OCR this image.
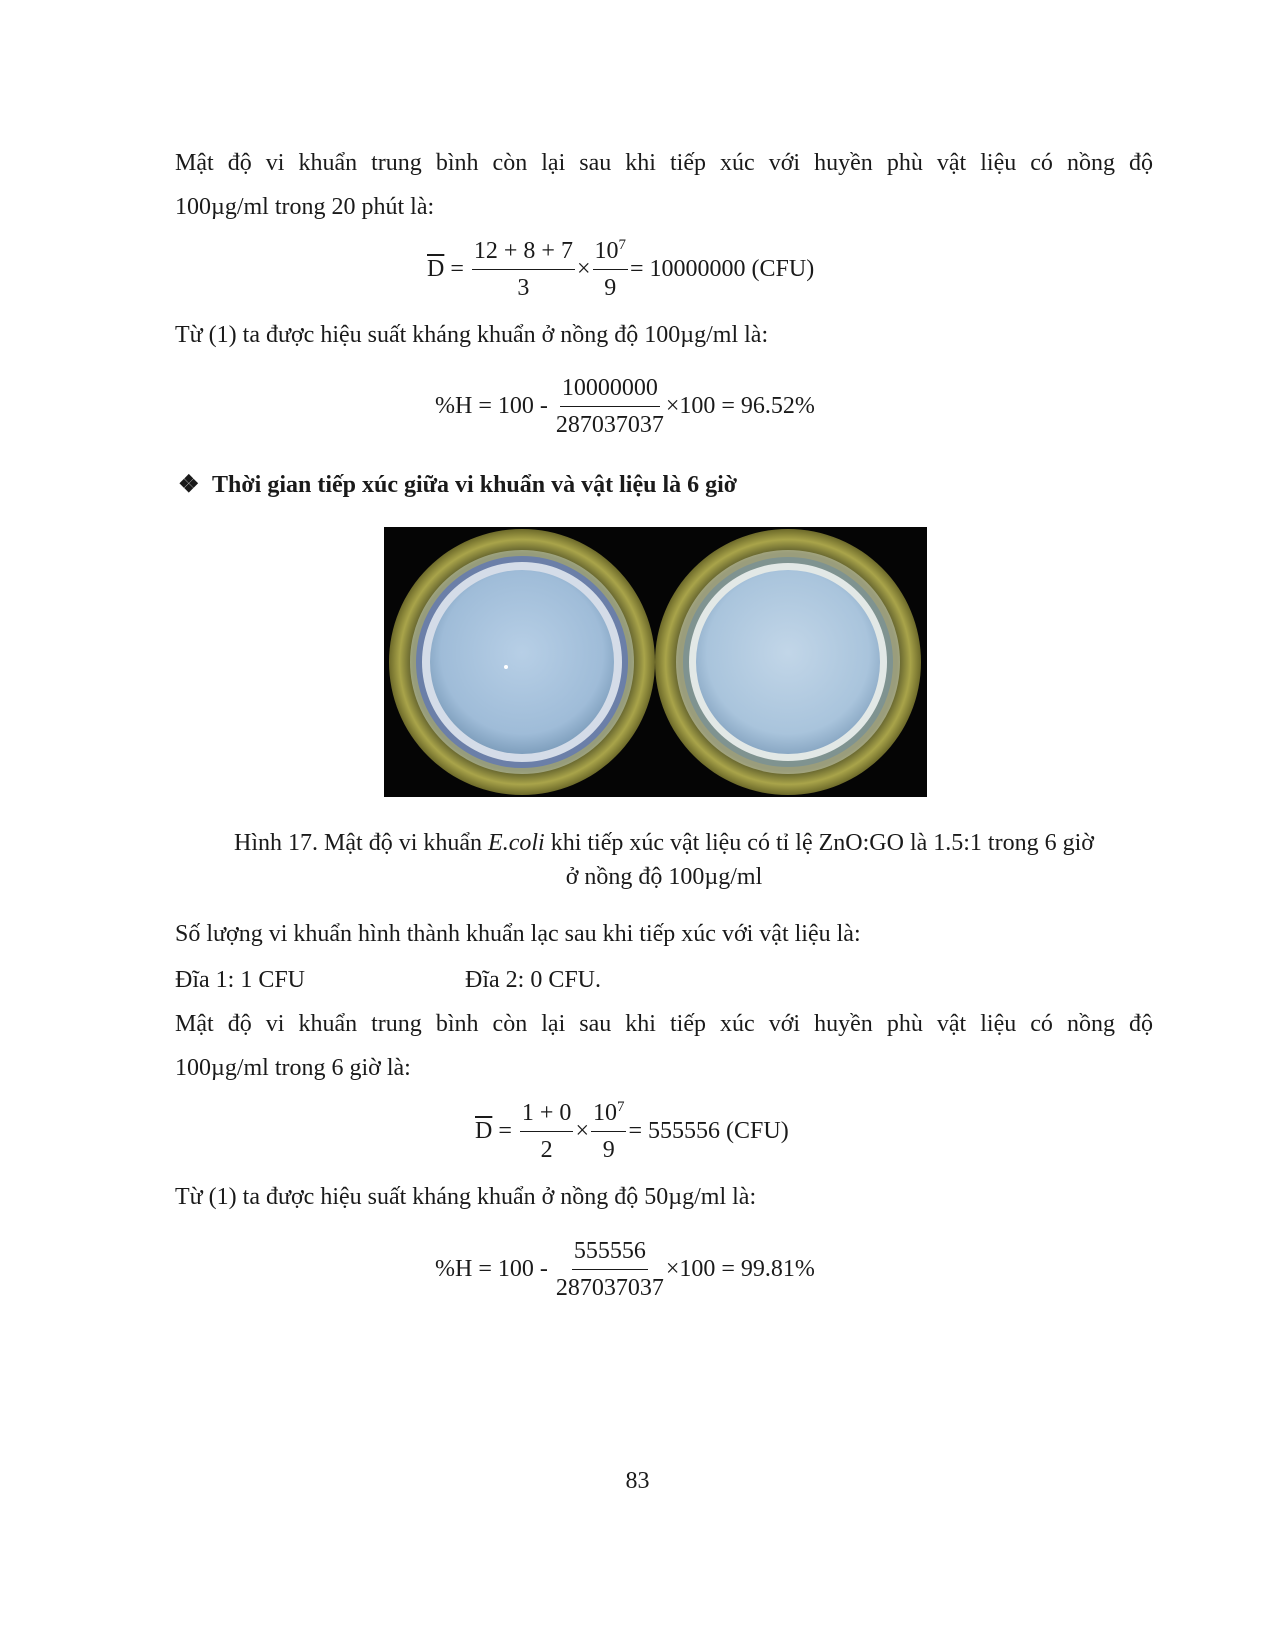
Mật độ vi khuẩn trung bình còn lại sau khi tiếp xúc với huyền phù vật liệu có nồng độ
100µg/ml trong 20 phút là:
$\overline{D} = \frac{12 + 8 + 7}{3} \times \frac{10^7}{9} = 10000000$ (CFU)
Từ (1) ta được hiệu suất kháng khuẩn ở nồng độ 100µg/ml là:
$\%H = 100 - \frac{10000000}{287037037} \times 100 = 96.52\%$
❖ Thời gian tiếp xúc giữa vi khuẩn và vật liệu là 6 giờ
Hình 17. Mật độ vi khuẩn E.coli khi tiếp xúc vật liệu có tỉ lệ ZnO:GO là 1.5:1 trong 6 giờ
ở nồng độ 100µg/ml
Số lượng vi khuẩn hình thành khuẩn lạc sau khi tiếp xúc với vật liệu là:
Đĩa 1: 1 CFU	Đĩa 2: 0 CFU.
Mật độ vi khuẩn trung bình còn lại sau khi tiếp xúc với huyền phù vật liệu có nồng độ
100µg/ml trong 6 giờ là:
$\overline{D} = \frac{1 + 0}{2} \times \frac{10^7}{9} = 555556$ (CFU)
Từ (1) ta được hiệu suất kháng khuẩn ở nồng độ 50µg/ml là:
$\%H = 100 - \frac{555556}{287037037} \times 100 = 99.81\%$
83
